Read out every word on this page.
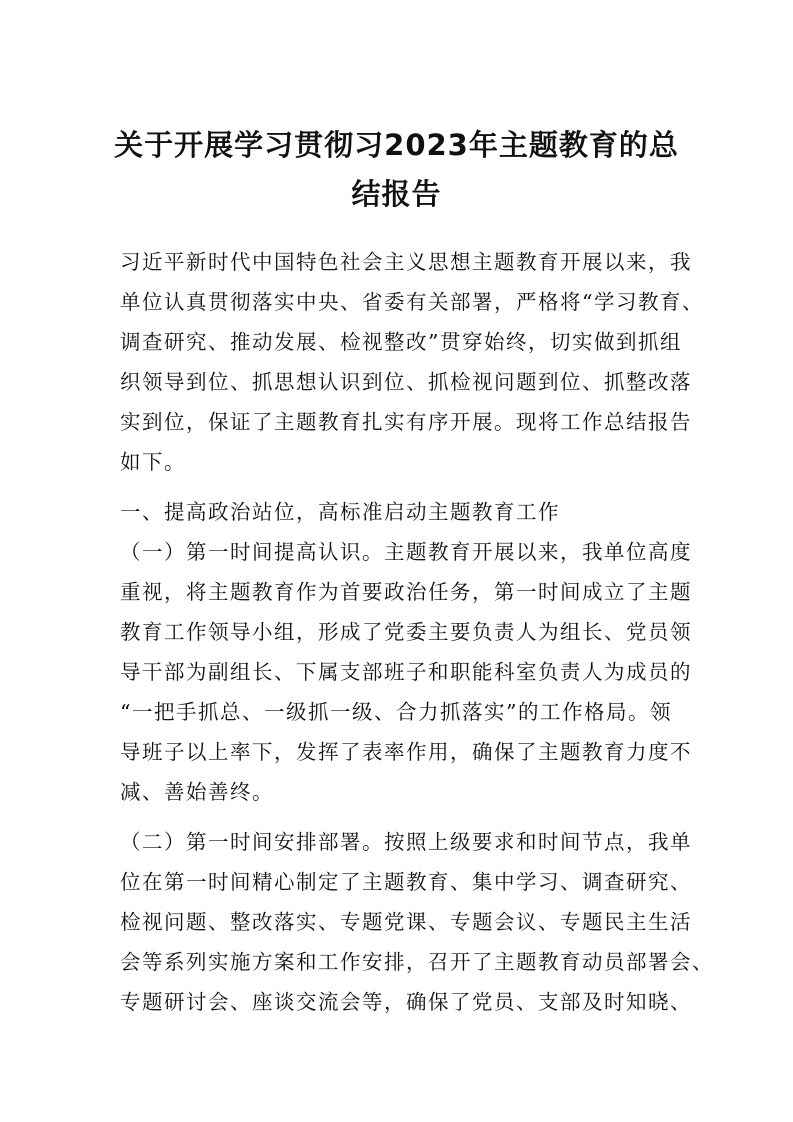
关于开展学习贯彻习2023年主题教育的总
结报告
习近平新时代中国特色社会主义思想主题教育开展以来，我
单位认真贯彻落实中央、省委有关部署，严格将“学习教育、
调查研究、推动发展、检视整改”贯穿始终，切实做到抓组
织领导到位、抓思想认识到位、抓检视问题到位、抓整改落
实到位，保证了主题教育扎实有序开展。现将工作总结报告
如下。
一、提高政治站位，高标准启动主题教育工作
（一）第一时间提高认识。主题教育开展以来，我单位高度
重视，将主题教育作为首要政治任务，第一时间成立了主题
教育工作领导小组，形成了党委主要负责人为组长、党员领
导干部为副组长、下属支部班子和职能科室负责人为成员的
“一把手抓总、一级抓一级、合力抓落实”的工作格局。领
导班子以上率下，发挥了表率作用，确保了主题教育力度不
减、善始善终。
（二）第一时间安排部署。按照上级要求和时间节点，我单
位在第一时间精心制定了主题教育、集中学习、调查研究、
检视问题、整改落实、专题党课、专题会议、专题民主生活
会等系列实施方案和工作安排，召开了主题教育动员部署会、
专题研讨会、座谈交流会等，确保了党员、支部及时知晓、
